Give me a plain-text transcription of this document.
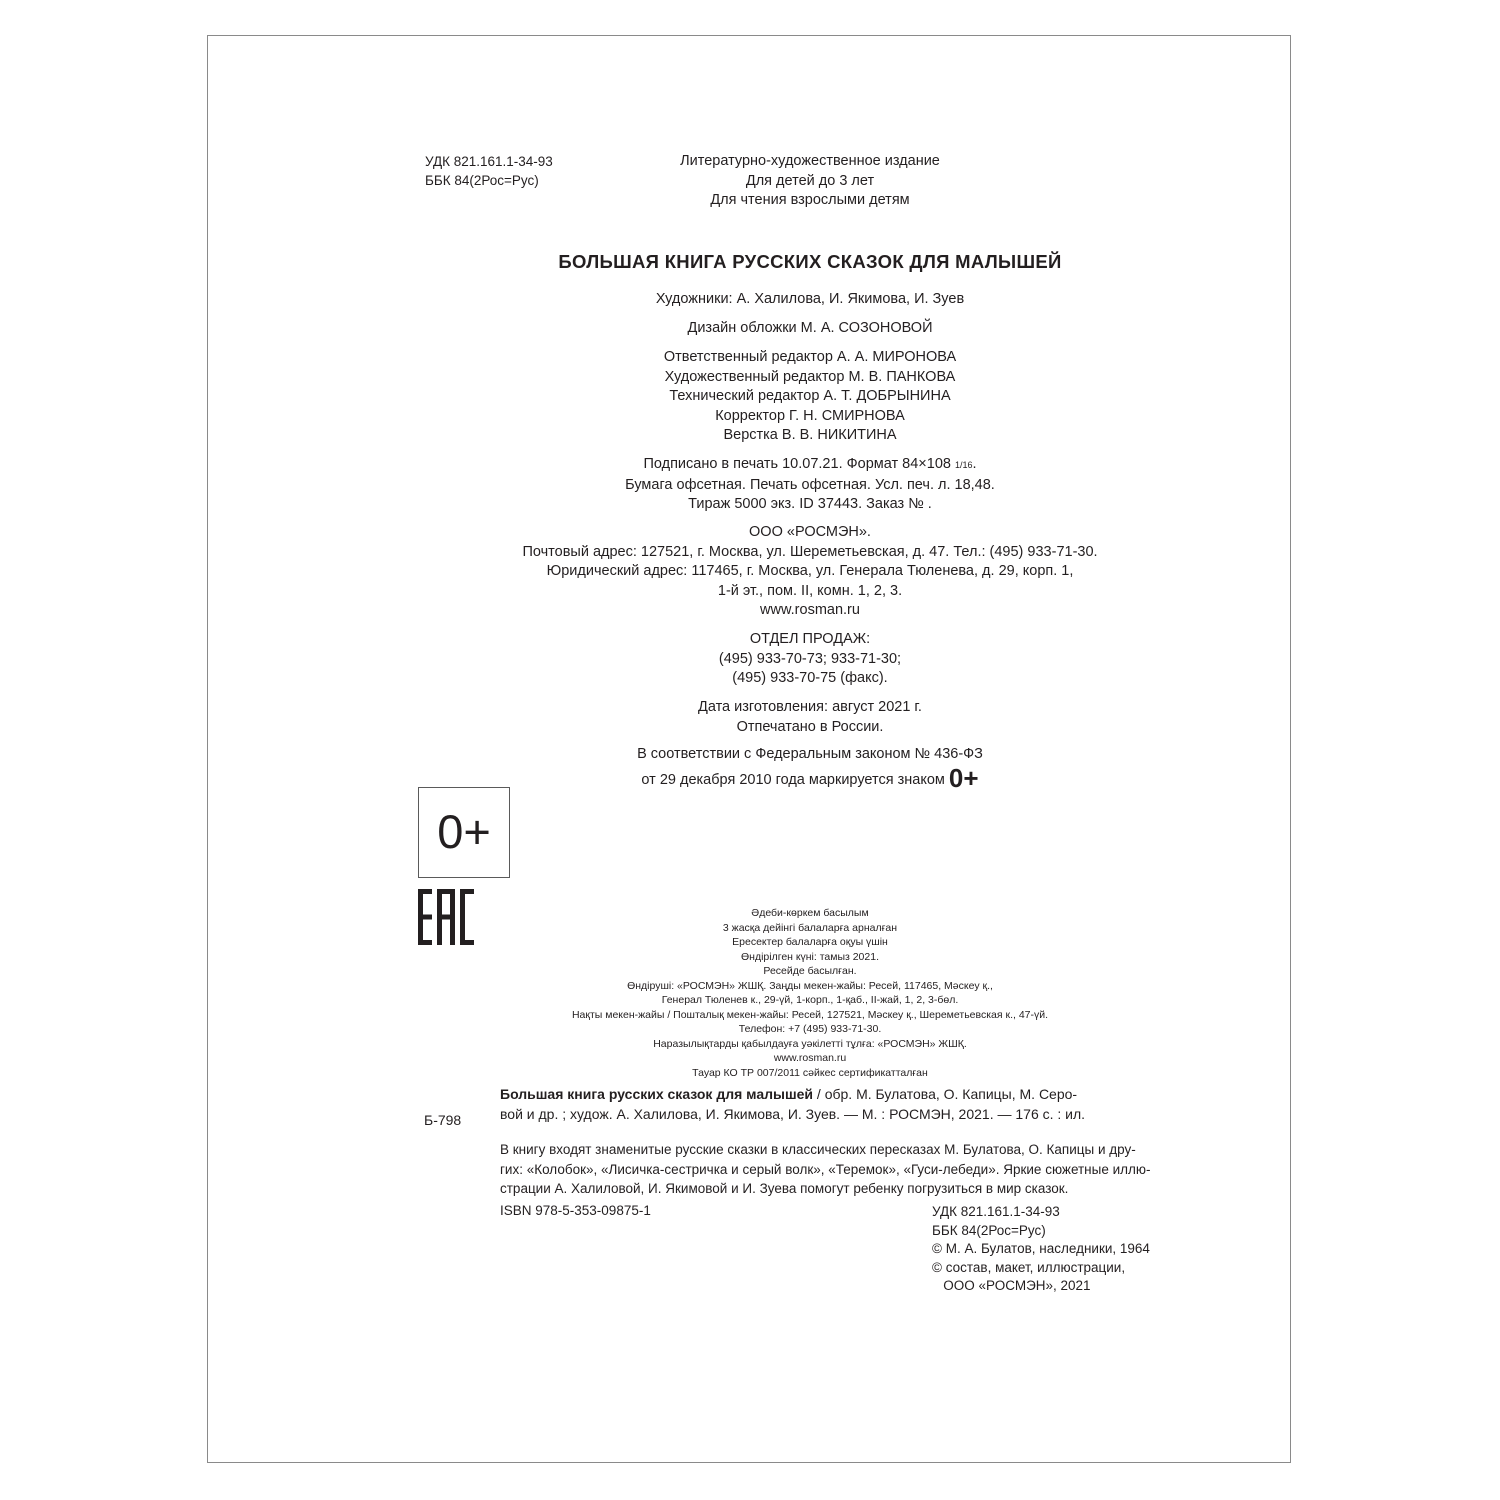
УДК 821.161.1-34-93
ББК 84(2Рос=Рус)
Литературно-художественное издание
Для детей до 3 лет
Для чтения взрослыми детям
БОЛЬШАЯ КНИГА РУССКИХ СКАЗОК ДЛЯ МАЛЫШЕЙ
Художники: А. Халилова, И. Якимова, И. Зуев
Дизайн обложки М. А. СОЗОНОВОЙ
Ответственный редактор А. А. МИРОНОВА
Художественный редактор М. В. ПАНКОВА
Технический редактор А. Т. ДОБРЫНИНА
Корректор Г. Н. СМИРНОВА
Верстка В. В. НИКИТИНА
Подписано в печать 10.07.21. Формат 84×108 1/16.
Бумага офсетная. Печать офсетная. Усл. печ. л. 18,48.
Тираж 5000 экз. ID 37443. Заказ № .
ООО «РОСМЭН».
Почтовый адрес: 127521, г. Москва, ул. Шереметьевская, д. 47. Тел.: (495) 933-71-30.
Юридический адрес: 117465, г. Москва, ул. Генерала Тюленева, д. 29, корп. 1,
1-й эт., пом. II, комн. 1, 2, 3.
www.rosman.ru
ОТДЕЛ ПРОДАЖ:
(495) 933-70-73; 933-71-30;
(495) 933-70-75 (факс).
Дата изготовления: август 2021 г.
Отпечатано в России.
В соответствии с Федеральным законом № 436-ФЗ
от 29 декабря 2010 года маркируется знаком 0+
0+
Әдеби-көркем басылым
3 жасқа дейінгі балаларға арналған
Ересектер балаларға оқуы үшін
Өндірілген күні: тамыз 2021.
Ресейде басылған.
Өндіруші: «РОСМЭН» ЖШҚ. Заңды мекен-жайы: Ресей, 117465, Мәскеу қ.,
Генерал Тюленев к., 29-үй, 1-корп., 1-қаб., II-жай, 1, 2, 3-бөл.
Нақты мекен-жайы / Пошталық мекен-жайы: Ресей, 127521, Мәскеу қ., Шереметьевская к., 47-үй.
Телефон: +7 (495) 933-71-30.
Наразылықтарды қабылдауға уәкілетті тұлға: «РОСМЭН» ЖШҚ.
www.rosman.ru
Тауар КО ТР 007/2011 сәйкес сертификатталған
Б-798
Большая книга русских сказок для малышей / обр. М. Булатова, О. Капицы, М. Серо-
вой и др. ; худож. А. Халилова, И. Якимова, И. Зуев. — М. : РОСМЭН, 2021. — 176 с. : ил.
В книгу входят знаменитые русские сказки в классических пересказах М. Булатова, О. Капицы и дру-
гих: «Колобок», «Лисичка-сестричка и серый волк», «Теремок», «Гуси-лебеди». Яркие сюжетные иллю-
страции А. Халиловой, И. Якимовой и И. Зуева помогут ребенку погрузиться в мир сказок.
ISBN 978-5-353-09875-1	УДК 821.161.1-34-93
ББК 84(2Рос=Рус)
© М. А. Булатов, наследники, 1964
© состав, макет, иллюстрации,
ООО «РОСМЭН», 2021
